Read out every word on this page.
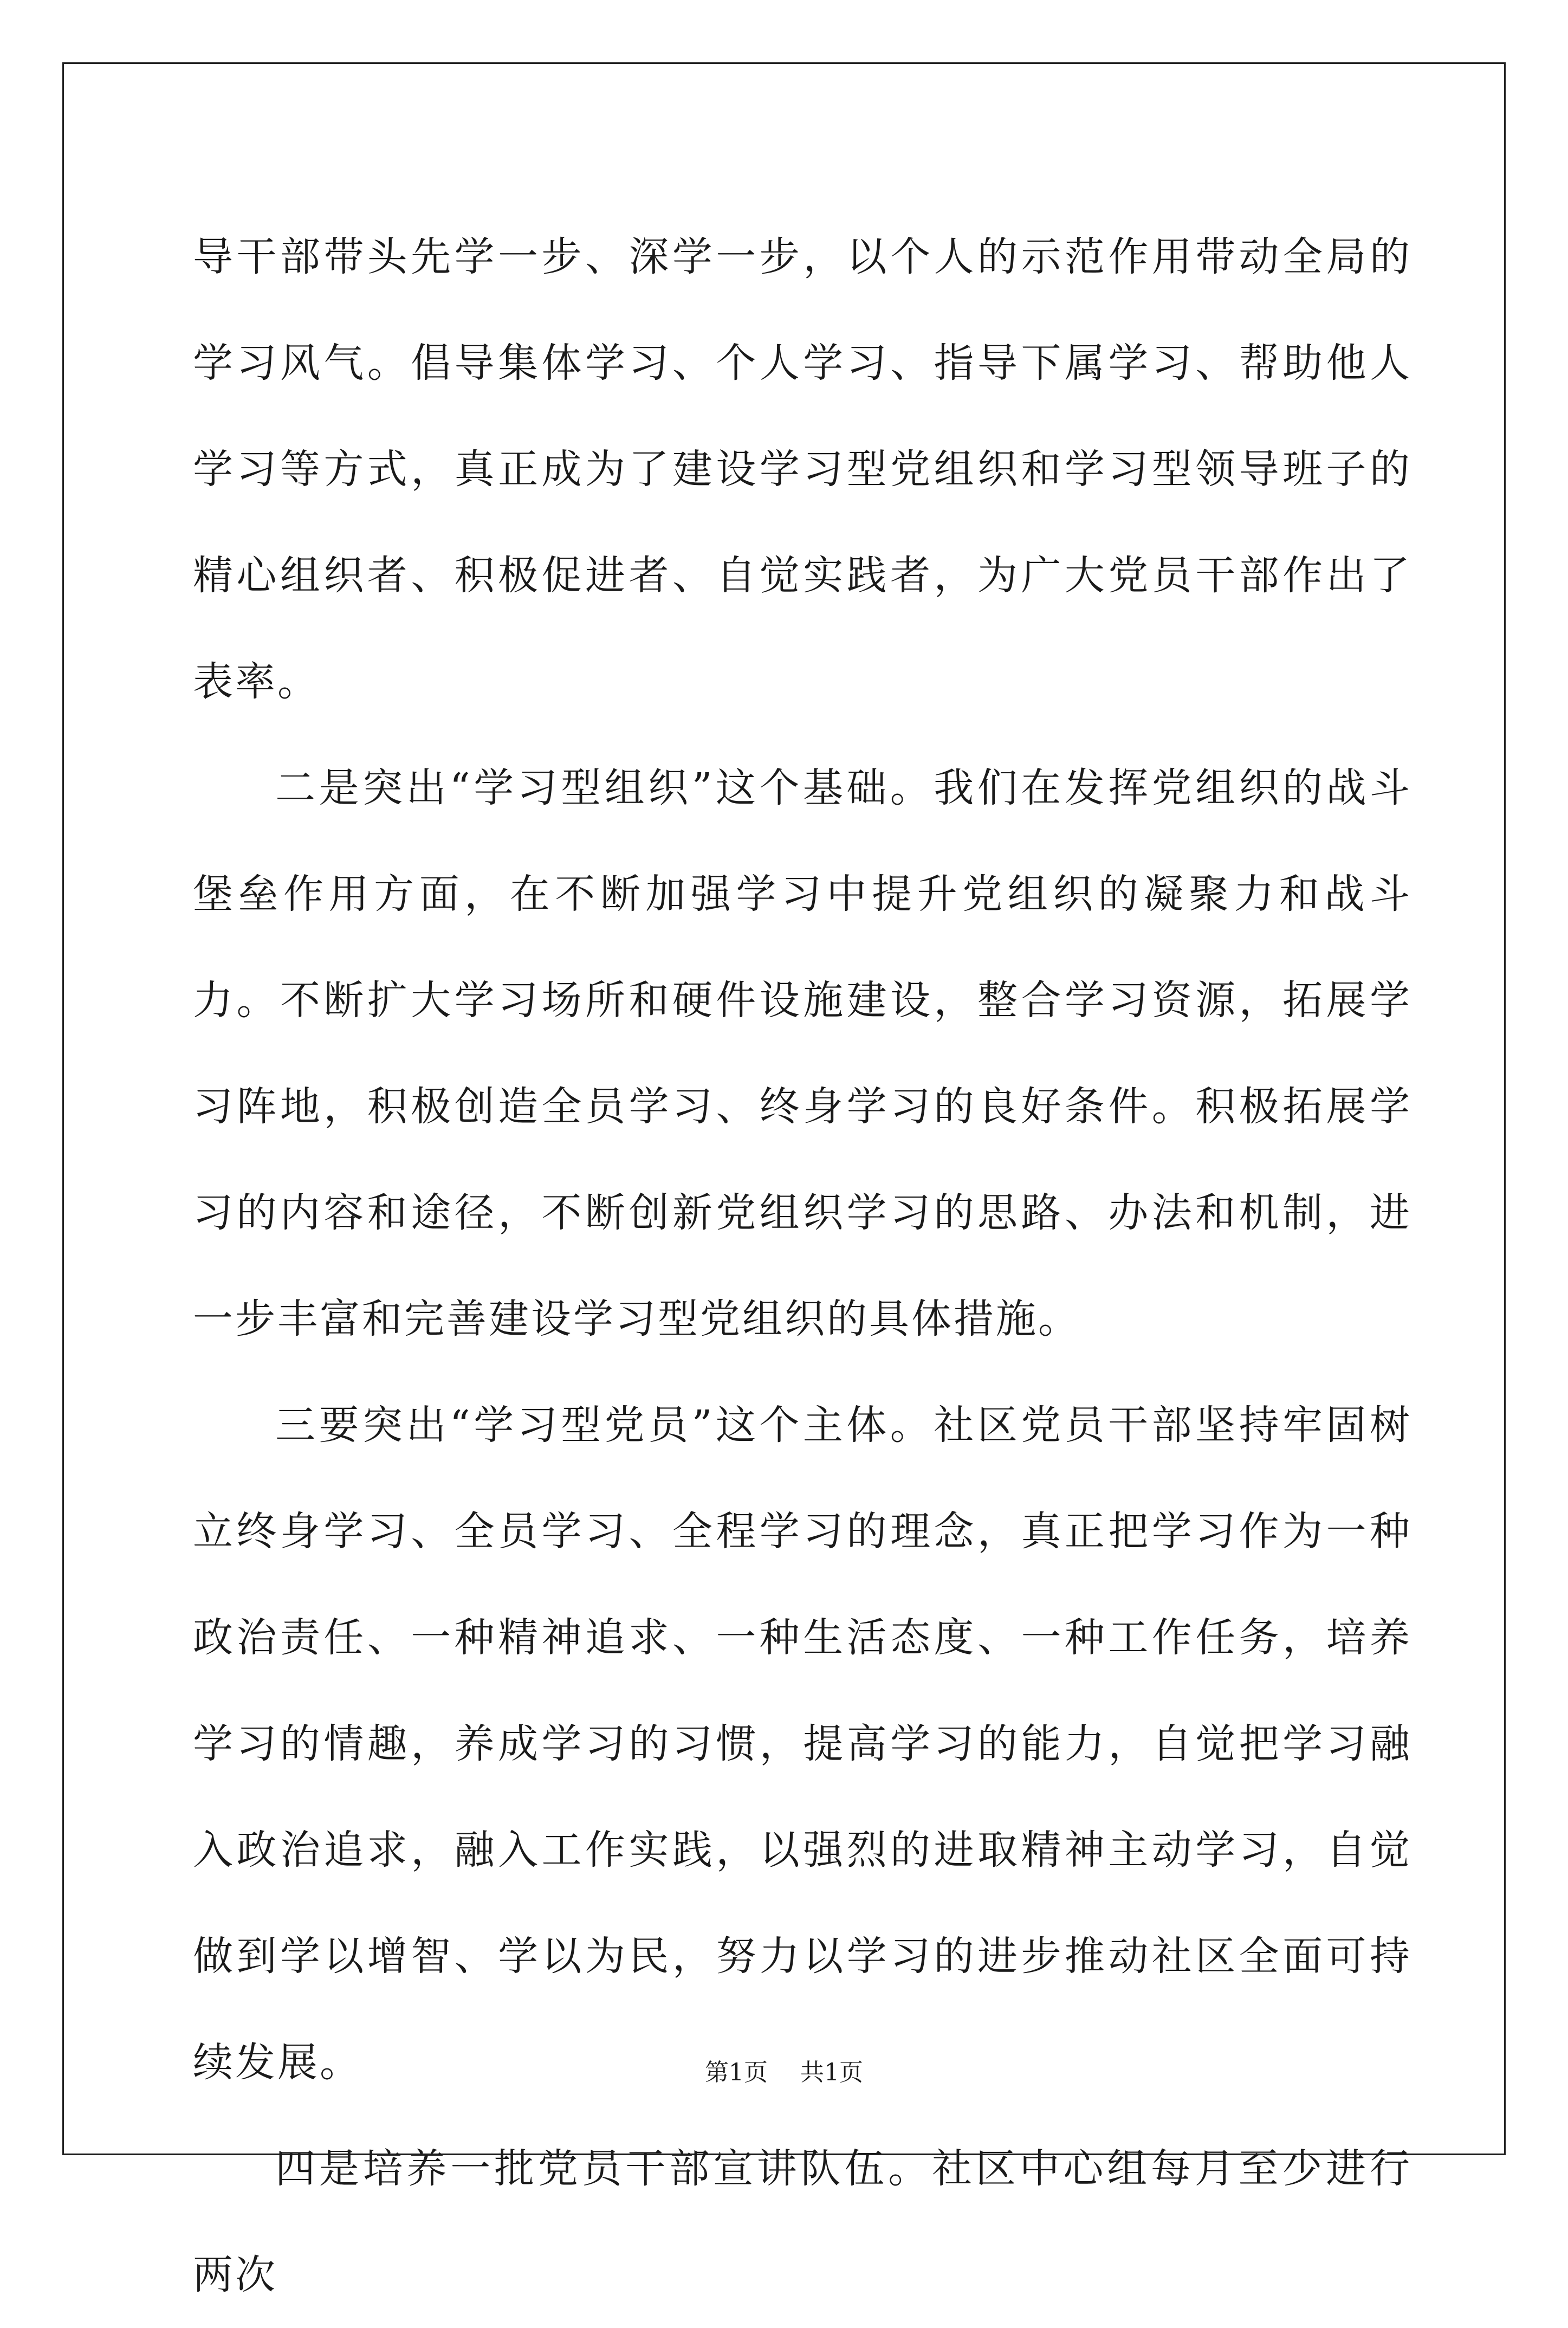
导干部带头先学一步、深学一步，以个人的示范作用带动全局的学习风气。倡导集体学习、个人学习、指导下属学习、帮助他人学习等方式，真正成为了建设学习型党组织和学习型领导班子的精心组织者、积极促进者、自觉实践者，为广大党员干部作出了表率。

二是突出“学习型组织”这个基础。我们在发挥党组织的战斗堡垒作用方面，在不断加强学习中提升党组织的凝聚力和战斗力。不断扩大学习场所和硬件设施建设，整合学习资源，拓展学习阵地，积极创造全员学习、终身学习的良好条件。积极拓展学习的内容和途径，不断创新党组织学习的思路、办法和机制，进一步丰富和完善建设学习型党组织的具体措施。

三要突出“学习型党员”这个主体。社区党员干部坚持牢固树立终身学习、全员学习、全程学习的理念，真正把学习作为一种政治责任、一种精神追求、一种生活态度、一种工作任务，培养学习的情趣，养成学习的习惯，提高学习的能力，自觉把学习融入政治追求，融入工作实践，以强烈的进取精神主动学习，自觉做到学以增智、学以为民，努力以学习的进步推动社区全面可持续发展。

四是培养一批党员干部宣讲队伍。社区中心组每月至少进行两次

第1页 共1页
